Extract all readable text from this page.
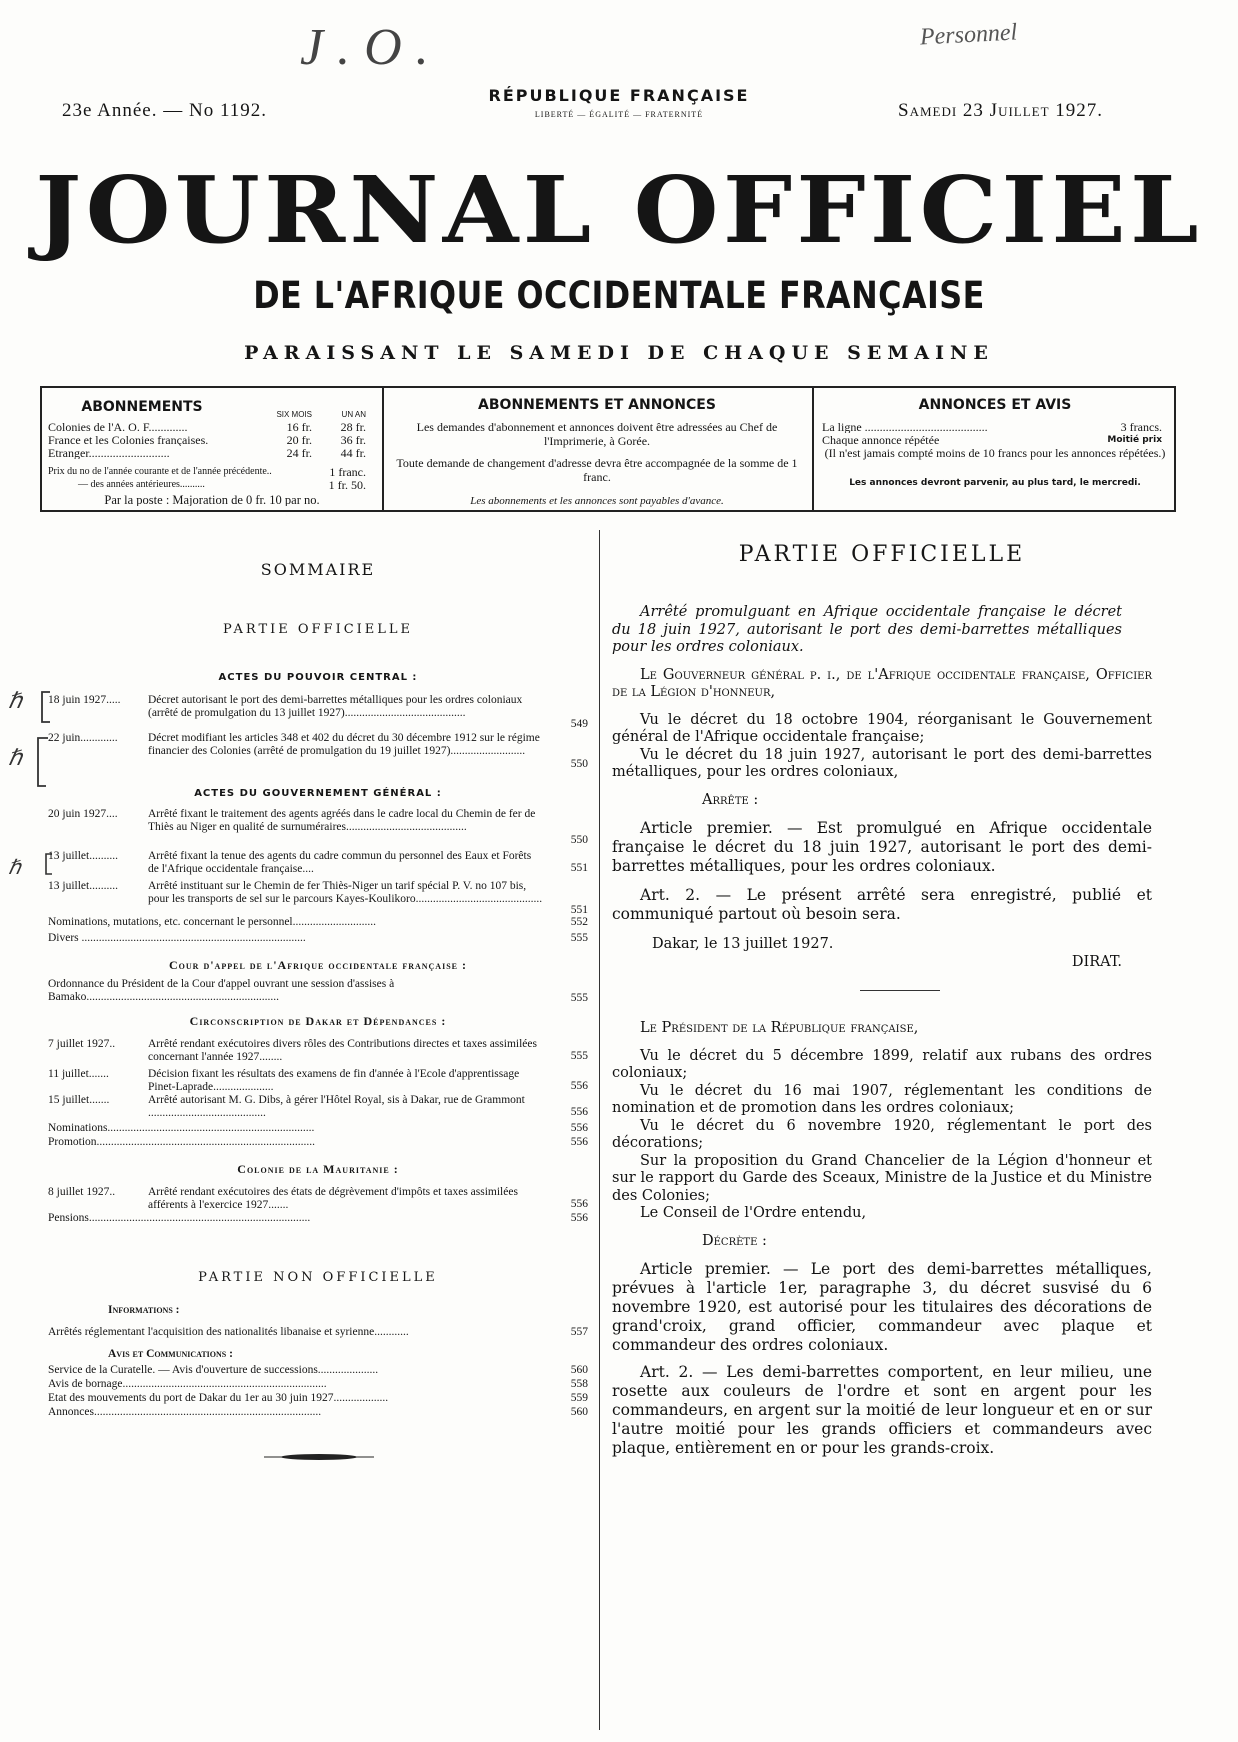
J.O.	Personnel
ℏ
ℏ
ℏ
23e Année. — No 1192.
RÉPUBLIQUE FRANÇAISE
LIBERTÉ — ÉGALITÉ — FRATERNITÉ	Samedi 23 Juillet 1927.
JOURNAL OFFICIEL
DE L'AFRIQUE OCCIDENTALE FRANÇAISE
PARAISSANT LE SAMEDI DE CHAQUE SEMAINE
ABONNEMENTS	SIX MOIS	UN AN
Colonies de l'A. O. F.............	16 fr.	28 fr.
France et les Colonies françaises.	20 fr.	36 fr.
Etranger...........................	24 fr.	44 fr.
Prix du no de l'année courante et de l'année précédente..	1 franc.
— des années antérieures..........	1 fr. 50.
Par la poste : Majoration de 0 fr. 10 par no.
ABONNEMENTS ET ANNONCES
Les demandes d'abonnement et annonces doivent être adressées au Chef de l'Imprimerie, à Gorée.
Toute demande de changement d'adresse devra être accompagnée de la somme de 1 franc.
Les abonnements et les annonces sont payables d'avance.
ANNONCES ET AVIS
La ligne .........................................	3 francs.
Chaque annonce répétée	Moitié prix
(Il n'est jamais compté moins de 10 francs pour les annonces répétées.)
Les annonces devront parvenir, au plus tard, le mercredi.
SOMMAIRE
PARTIE OFFICIELLE
ACTES DU POUVOIR CENTRAL :
18 juin 1927.....	Décret autorisant le port des demi-barrettes métalliques pour les ordres coloniaux (arrêté de promulgation du 13 juillet 1927)..........................................
549
22 juin.............	Décret modifiant les articles 348 et 402 du décret du 30 décembre 1912 sur le régime financier des Colonies (arrêté de promulgation du 19 juillet 1927)..........................
550
ACTES DU GOUVERNEMENT GÉNÉRAL :
20 juin 1927....	Arrêté fixant le traitement des agents agréés dans le cadre local du Chemin de fer de Thiès au Niger en qualité de surnuméraires..........................................
550
13 juillet..........	Arrêté fixant la tenue des agents du cadre commun du personnel des Eaux et Forêts de l'Afrique occidentale française....	551
13 juillet..........	Arrêté instituant sur le Chemin de fer Thiès-Niger un tarif spécial P. V. no 107 bis, pour les transports de sel sur le parcours Kayes-Koulikoro............................................
551
Nominations, mutations, etc. concernant le personnel.............................	552
Divers ..............................................................................	555
Cour d'appel de l'Afrique occidentale française :
Ordonnance du Président de la Cour d'appel ouvrant une session d'assises à Bamako...................................................................	555
Circonscription de Dakar et Dépendances :
7 juillet 1927..	Arrêté rendant exécutoires divers rôles des Contributions directes et taxes assimilées concernant l'année 1927........	555
11 juillet.......	Décision fixant les résultats des examens de fin d'année à l'Ecole d'apprentissage Pinet-Laprade.....................	556
15 juillet.......	Arrêté autorisant M. G. Dibs, à gérer l'Hôtel Royal, sis à Dakar, rue de Grammont .........................................	556
Nominations........................................................................	556
Promotion............................................................................	556
Colonie de la Mauritanie :
8 juillet 1927..	Arrêté rendant exécutoires des états de dégrèvement d'impôts et taxes assimilées afférents à l'exercice 1927.......	556
Pensions.............................................................................	556
PARTIE NON OFFICIELLE
Informations :
Arrêtés réglementant l'acquisition des nationalités libanaise et syrienne............	557
Avis et Communications :
Service de la Curatelle. — Avis d'ouverture de successions.....................	560
Avis de bornage.......................................................................	558
Etat des mouvements du port de Dakar du 1er au 30 juin 1927...................	559
Annonces...............................................................................	560
PARTIE OFFICIELLE

Arrêté promulguant en Afrique occidentale française le décret du 18 juin 1927, autorisant le port des demi-barrettes métalliques pour les ordres coloniaux.

Le Gouverneur général p. i., de l'Afrique occidentale française, Officier de la Légion d'honneur,

Vu le décret du 18 octobre 1904, réorganisant le Gouvernement général de l'Afrique occidentale française;

Vu le décret du 18 juin 1927, autorisant le port des demi-barrettes métalliques, pour les ordres coloniaux,

Arrête :

Article premier. — Est promulgué en Afrique occidentale française le décret du 18 juin 1927, autorisant le port des demi-barrettes métalliques, pour les ordres coloniaux.

Art. 2. — Le présent arrêté sera enregistré, publié et communiqué partout où besoin sera.

Dakar, le 13 juillet 1927.

DIRAT.

Le Président de la République française,

Vu le décret du 5 décembre 1899, relatif aux rubans des ordres coloniaux;

Vu le décret du 16 mai 1907, réglementant les conditions de nomination et de promotion dans les ordres coloniaux;

Vu le décret du 6 novembre 1920, réglementant le port des décorations;

Sur la proposition du Grand Chancelier de la Légion d'honneur et sur le rapport du Garde des Sceaux, Ministre de la Justice et du Ministre des Colonies;

Le Conseil de l'Ordre entendu,

Décrète :

Article premier. — Le port des demi-barrettes métalliques, prévues à l'article 1er, paragraphe 3, du décret susvisé du 6 novembre 1920, est autorisé pour les titulaires des décorations de grand'croix, grand officier, commandeur avec plaque et commandeur des ordres coloniaux.

Art. 2. — Les demi-barrettes comportent, en leur milieu, une rosette aux couleurs de l'ordre et sont en argent pour les commandeurs, en argent sur la moitié de leur longueur et en or sur l'autre moitié pour les grands officiers et commandeurs avec plaque, entièrement en or pour les grands-croix.
